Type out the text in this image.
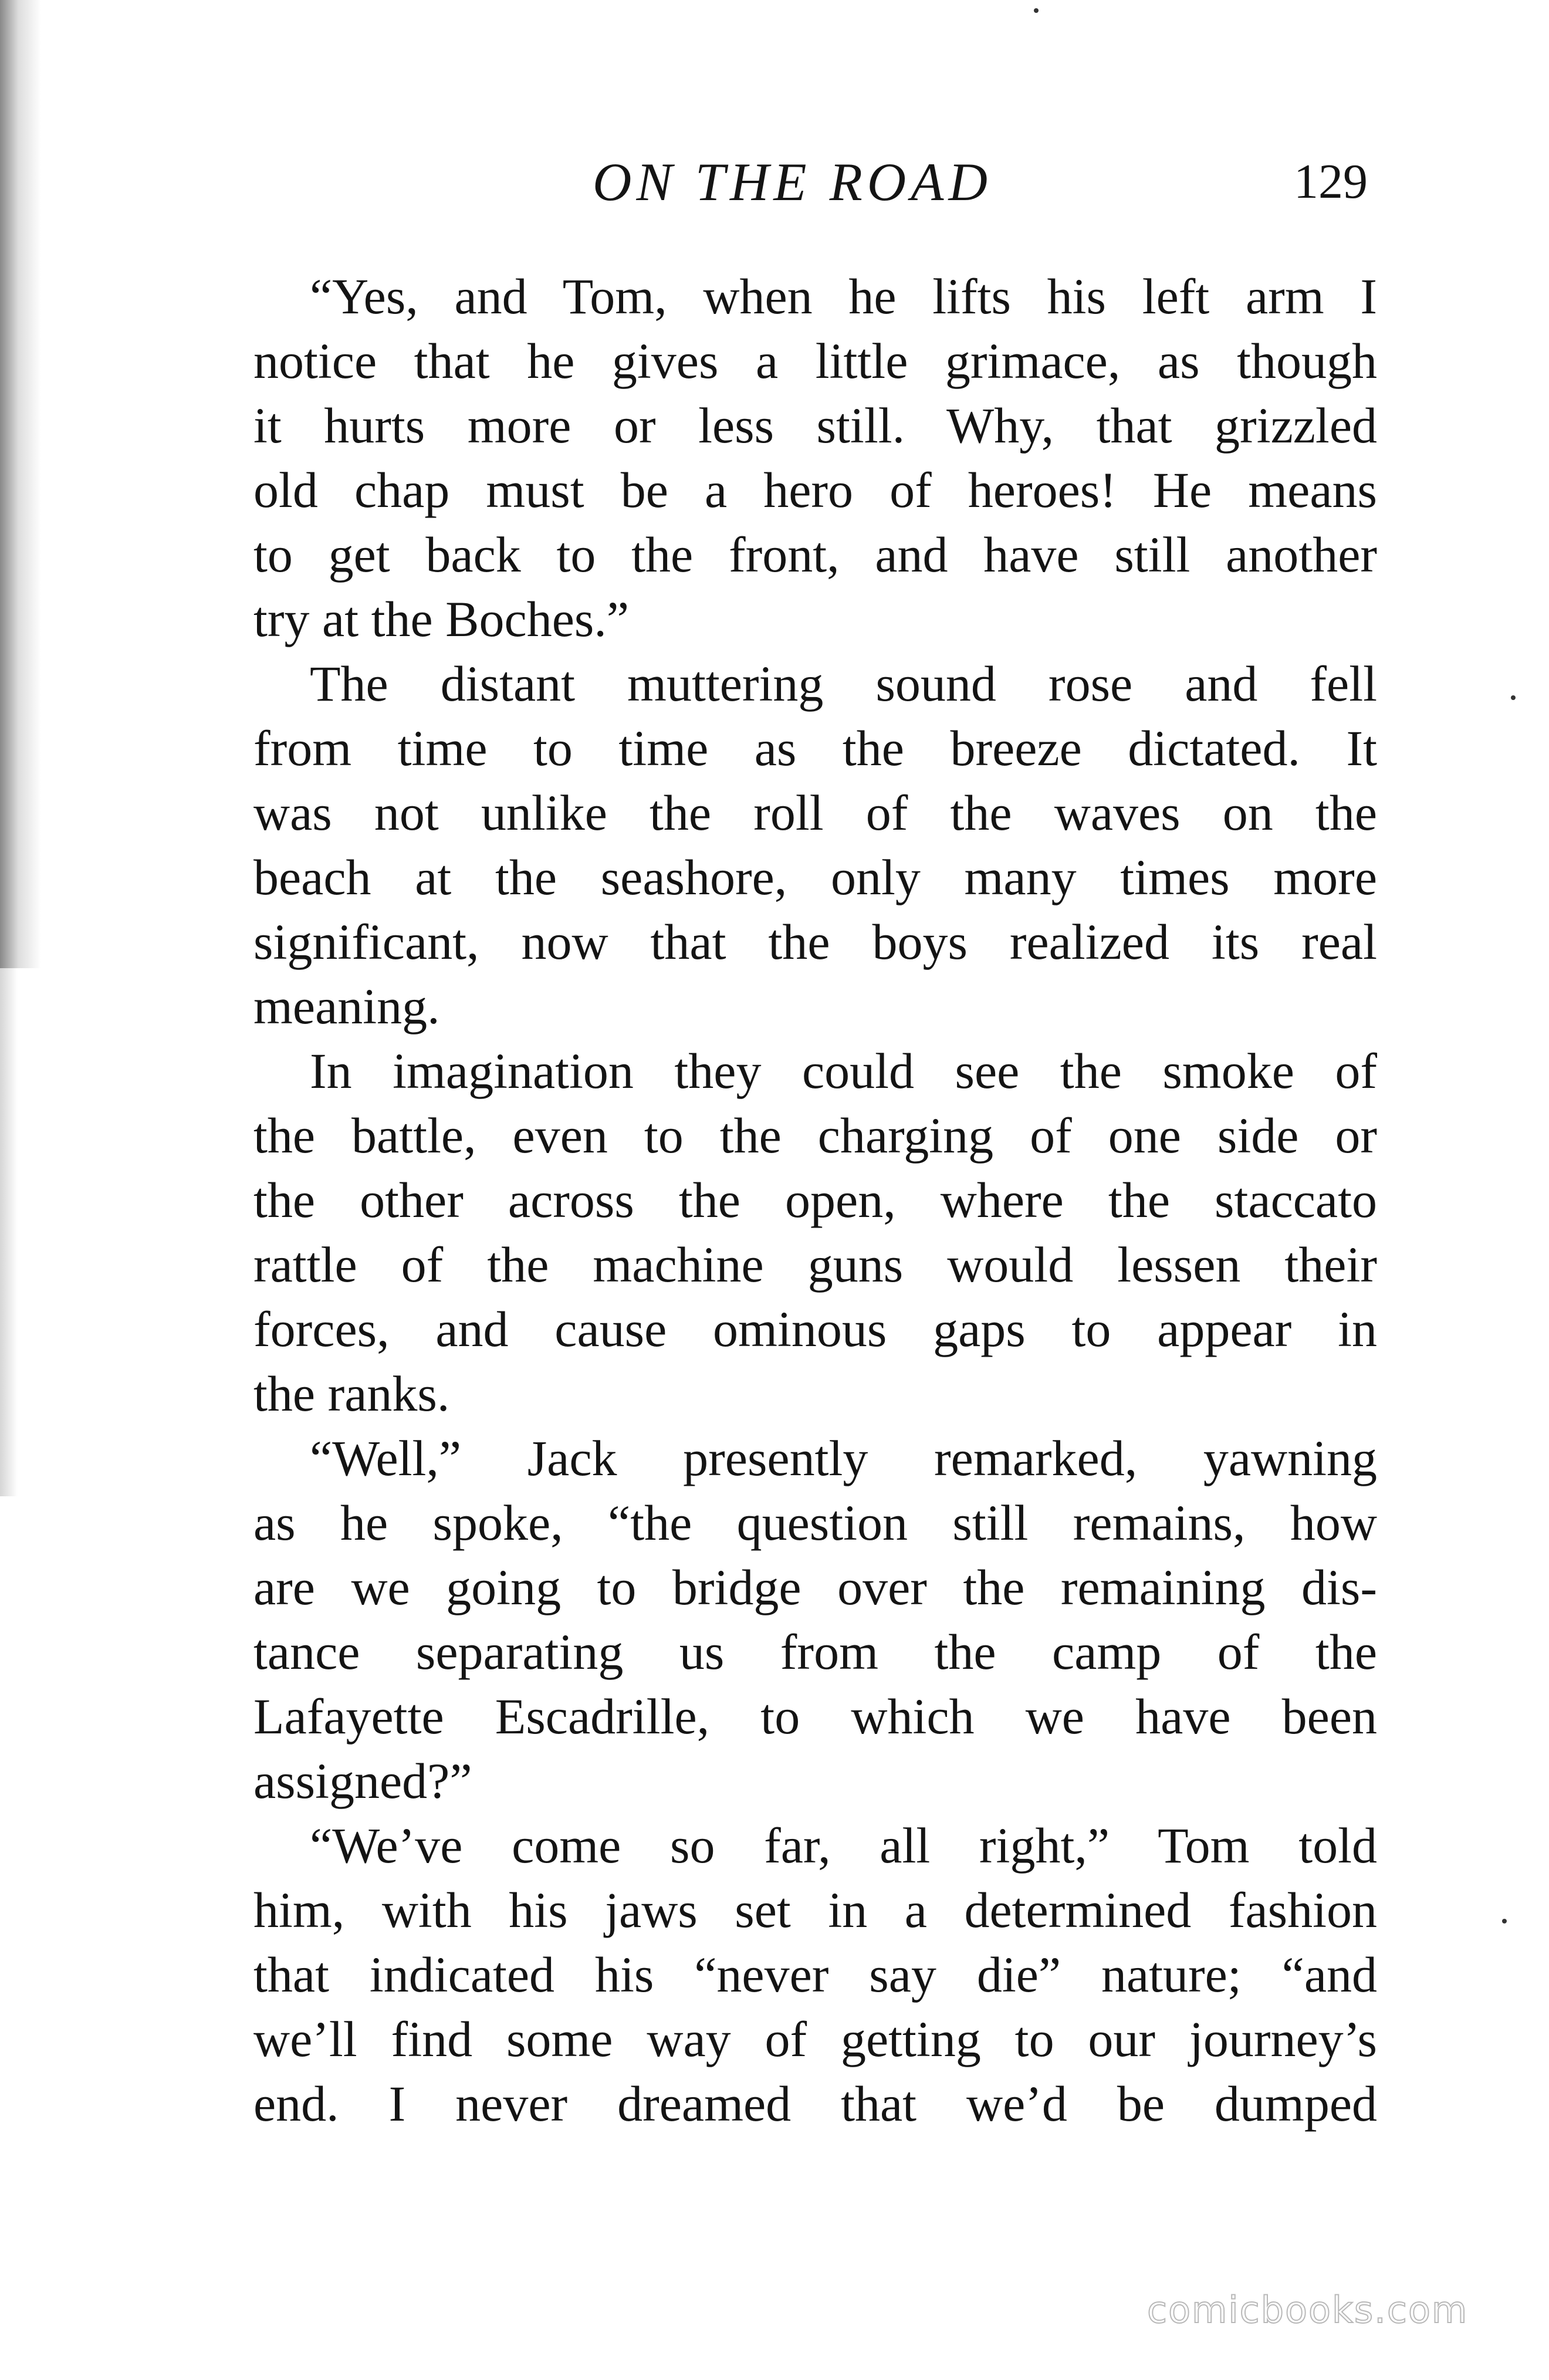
ON THE ROAD	129
“Yes, and Tom, when he lifts his left arm I
notice that he gives a little grimace, as though
it hurts more or less still. Why, that grizzled
old chap must be a hero of heroes! He means
to get back to the front, and have still another
try at the Boches.”
The distant muttering sound rose and fell
from time to time as the breeze dictated. It
was not unlike the roll of the waves on the
beach at the seashore, only many times more
significant, now that the boys realized its real
meaning.
In imagination they could see the smoke of
the battle, even to the charging of one side or
the other across the open, where the staccato
rattle of the machine guns would lessen their
forces, and cause ominous gaps to appear in
the ranks.
“Well,” Jack presently remarked, yawning
as he spoke, “the question still remains, how
are we going to bridge over the remaining dis-
tance separating us from the camp of the
Lafayette Escadrille, to which we have been
assigned?”
“We’ve come so far, all right,” Tom told
him, with his jaws set in a determined fashion
that indicated his “never say die” nature; “and
we’ll find some way of getting to our journey’s
end. I never dreamed that we’d be dumped
comicbooks.com
